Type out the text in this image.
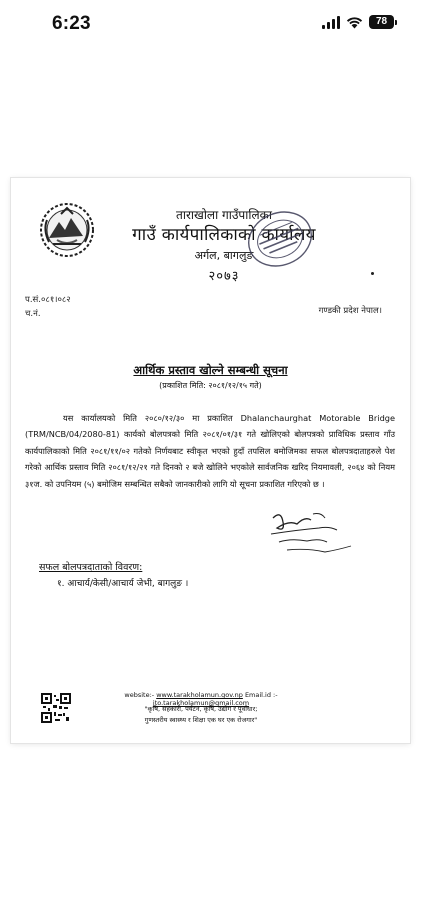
6:23	78
ताराखोला गाउँपालिका
गाउँ कार्यपालिकाको कार्यालय
अर्गल, बागलुङ
२०७३
प.सं.०८१।०८२
च.नं.	गण्डकी प्रदेश नेपाल।
आर्थिक प्रस्ताव खोल्ने सम्बन्धी सूचना
(प्रकाशित मिति: २०८१/१२/१५ गते)
यस कार्यालयको मिति २०८०/१२/३० मा प्रकाशित Dhalanchaurghat Motorable Bridge (TRM/NCB/04/2080-81) कार्यको बोलपत्रको मिति २०८१/०१/३१ गते खोलिएको बोलपत्रको प्राविधिक प्रस्ताव गाँउ कार्यपालिकाको मिति २०८१/११/०२ गतेको निर्णयबाट स्वीकृत भएको हुदाँ तपसिल बमोजिमका सफल बोलपत्रदाताहरुले पेश गरेको आर्थिक प्रस्ताव मिति २०८१/१२/२१ गते दिनको २ बजे खोलिने भएकोले सार्वजनिक खरिद नियमावली, २०६४ को नियम ३१ज. को उपनियम (५) बमोजिम सम्बन्धित सबैको जानकारीको लागि यो सूचना प्रकाशित गरिएको छ ।
सफल बोलपत्रदाताको विवरण:
१. आचार्य/केसी/आचार्य जेभी, बागलुङ ।
website:- www.tarakholamun.gov.np Email.id :- ito.tarakholamun@gmail.com
"कृषि, सहकारी, पर्यटन, कृषि, उद्योग र पूर्वाधार;
गुणस्तरीय स्वास्थ्य र शिक्षा एक घर एक रोजगार"
